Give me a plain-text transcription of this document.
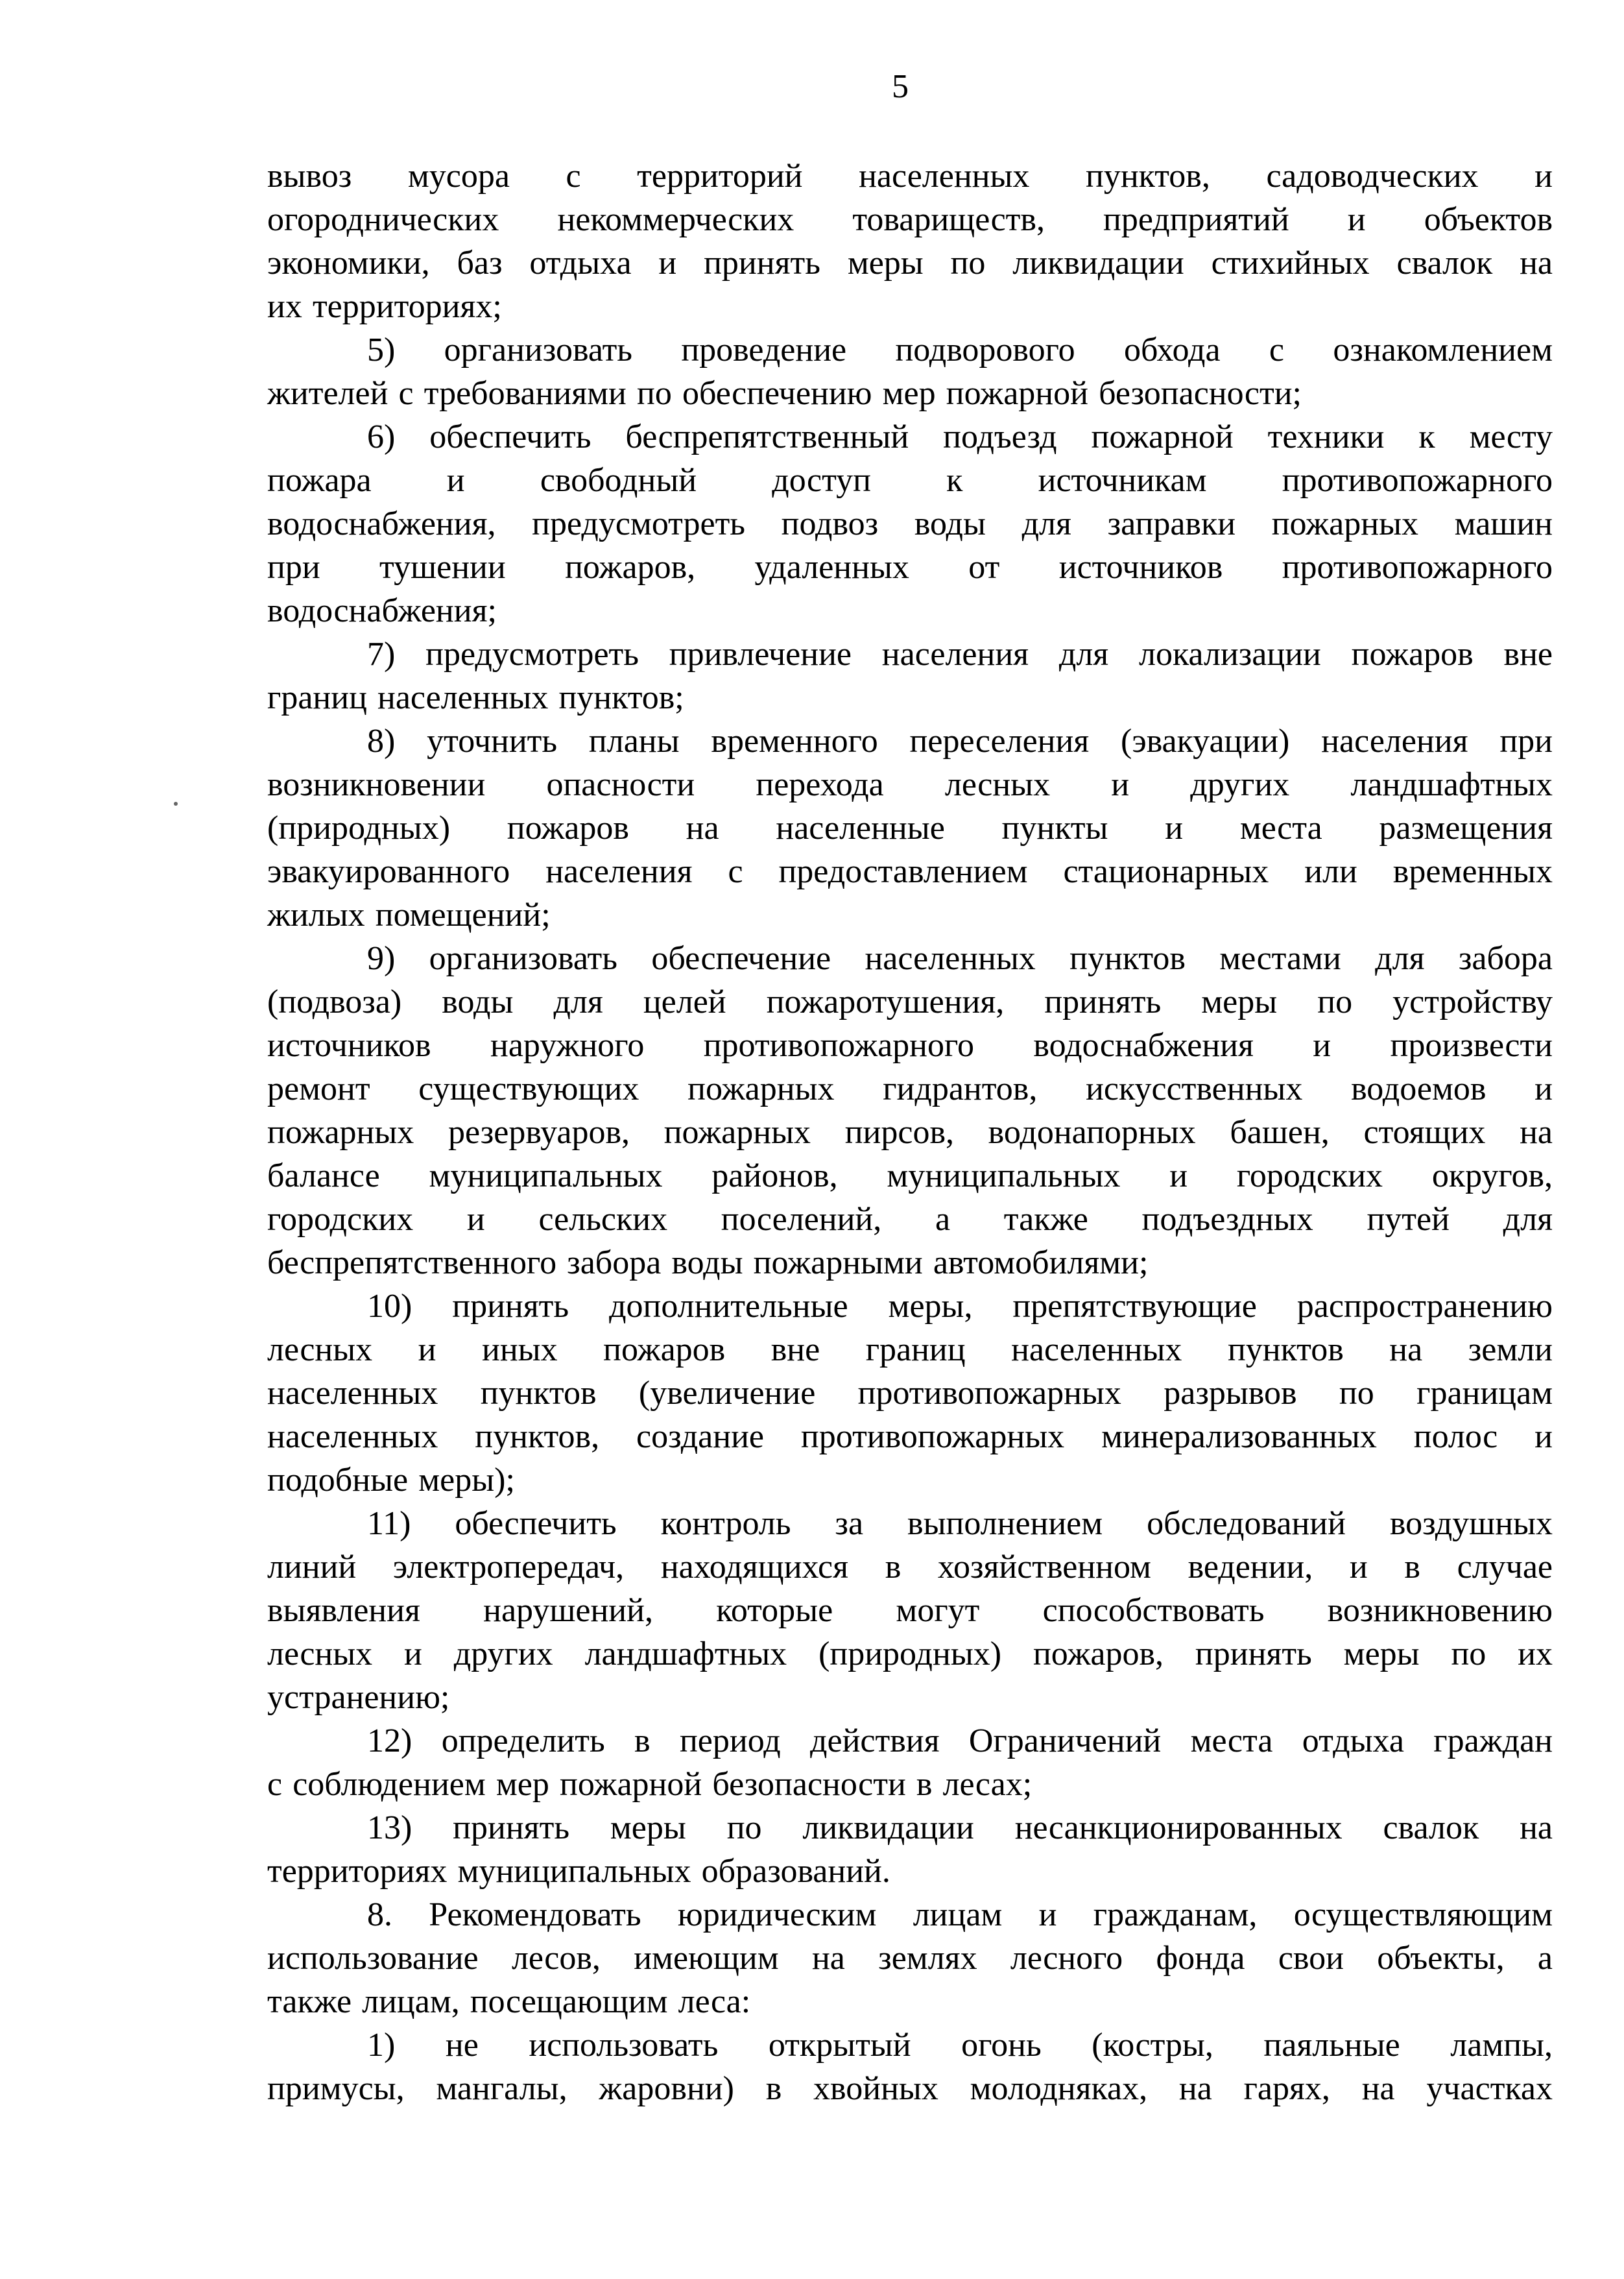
5
вывоз мусора с территорий населенных пунктов, садоводческих и
огороднических некоммерческих товариществ, предприятий и объектов
экономики, баз отдыха и принять меры по ликвидации стихийных свалок на
их территориях;
5) организовать проведение подворового обхода с ознакомлением
жителей с требованиями по обеспечению мер пожарной безопасности;
6) обеспечить беспрепятственный подъезд пожарной техники к месту
пожара и свободный доступ к источникам противопожарного
водоснабжения, предусмотреть подвоз воды для заправки пожарных машин
при тушении пожаров, удаленных от источников противопожарного
водоснабжения;
7) предусмотреть привлечение населения для локализации пожаров вне
границ населенных пунктов;
8) уточнить планы временного переселения (эвакуации) населения при
возникновении опасности перехода лесных и других ландшафтных
(природных) пожаров на населенные пункты и места размещения
эвакуированного населения с предоставлением стационарных или временных
жилых помещений;
9) организовать обеспечение населенных пунктов местами для забора
(подвоза) воды для целей пожаротушения, принять меры по устройству
источников наружного противопожарного водоснабжения и произвести
ремонт существующих пожарных гидрантов, искусственных водоемов и
пожарных резервуаров, пожарных пирсов, водонапорных башен, стоящих на
балансе муниципальных районов, муниципальных и городских округов,
городских и сельских поселений, а также подъездных путей для
беспрепятственного забора воды пожарными автомобилями;
10) принять дополнительные меры, препятствующие распространению
лесных и иных пожаров вне границ населенных пунктов на земли
населенных пунктов (увеличение противопожарных разрывов по границам
населенных пунктов, создание противопожарных минерализованных полос и
подобные меры);
11) обеспечить контроль за выполнением обследований воздушных
линий электропередач, находящихся в хозяйственном ведении, и в случае
выявления нарушений, которые могут способствовать возникновению
лесных и других ландшафтных (природных) пожаров, принять меры по их
устранению;
12) определить в период действия Ограничений места отдыха граждан
с соблюдением мер пожарной безопасности в лесах;
13) принять меры по ликвидации несанкционированных свалок на
территориях муниципальных образований.
8. Рекомендовать юридическим лицам и гражданам, осуществляющим
использование лесов, имеющим на землях лесного фонда свои объекты, а
также лицам, посещающим леса:
1) не использовать открытый огонь (костры, паяльные лампы,
примусы, мангалы, жаровни) в хвойных молодняках, на гарях, на участках
